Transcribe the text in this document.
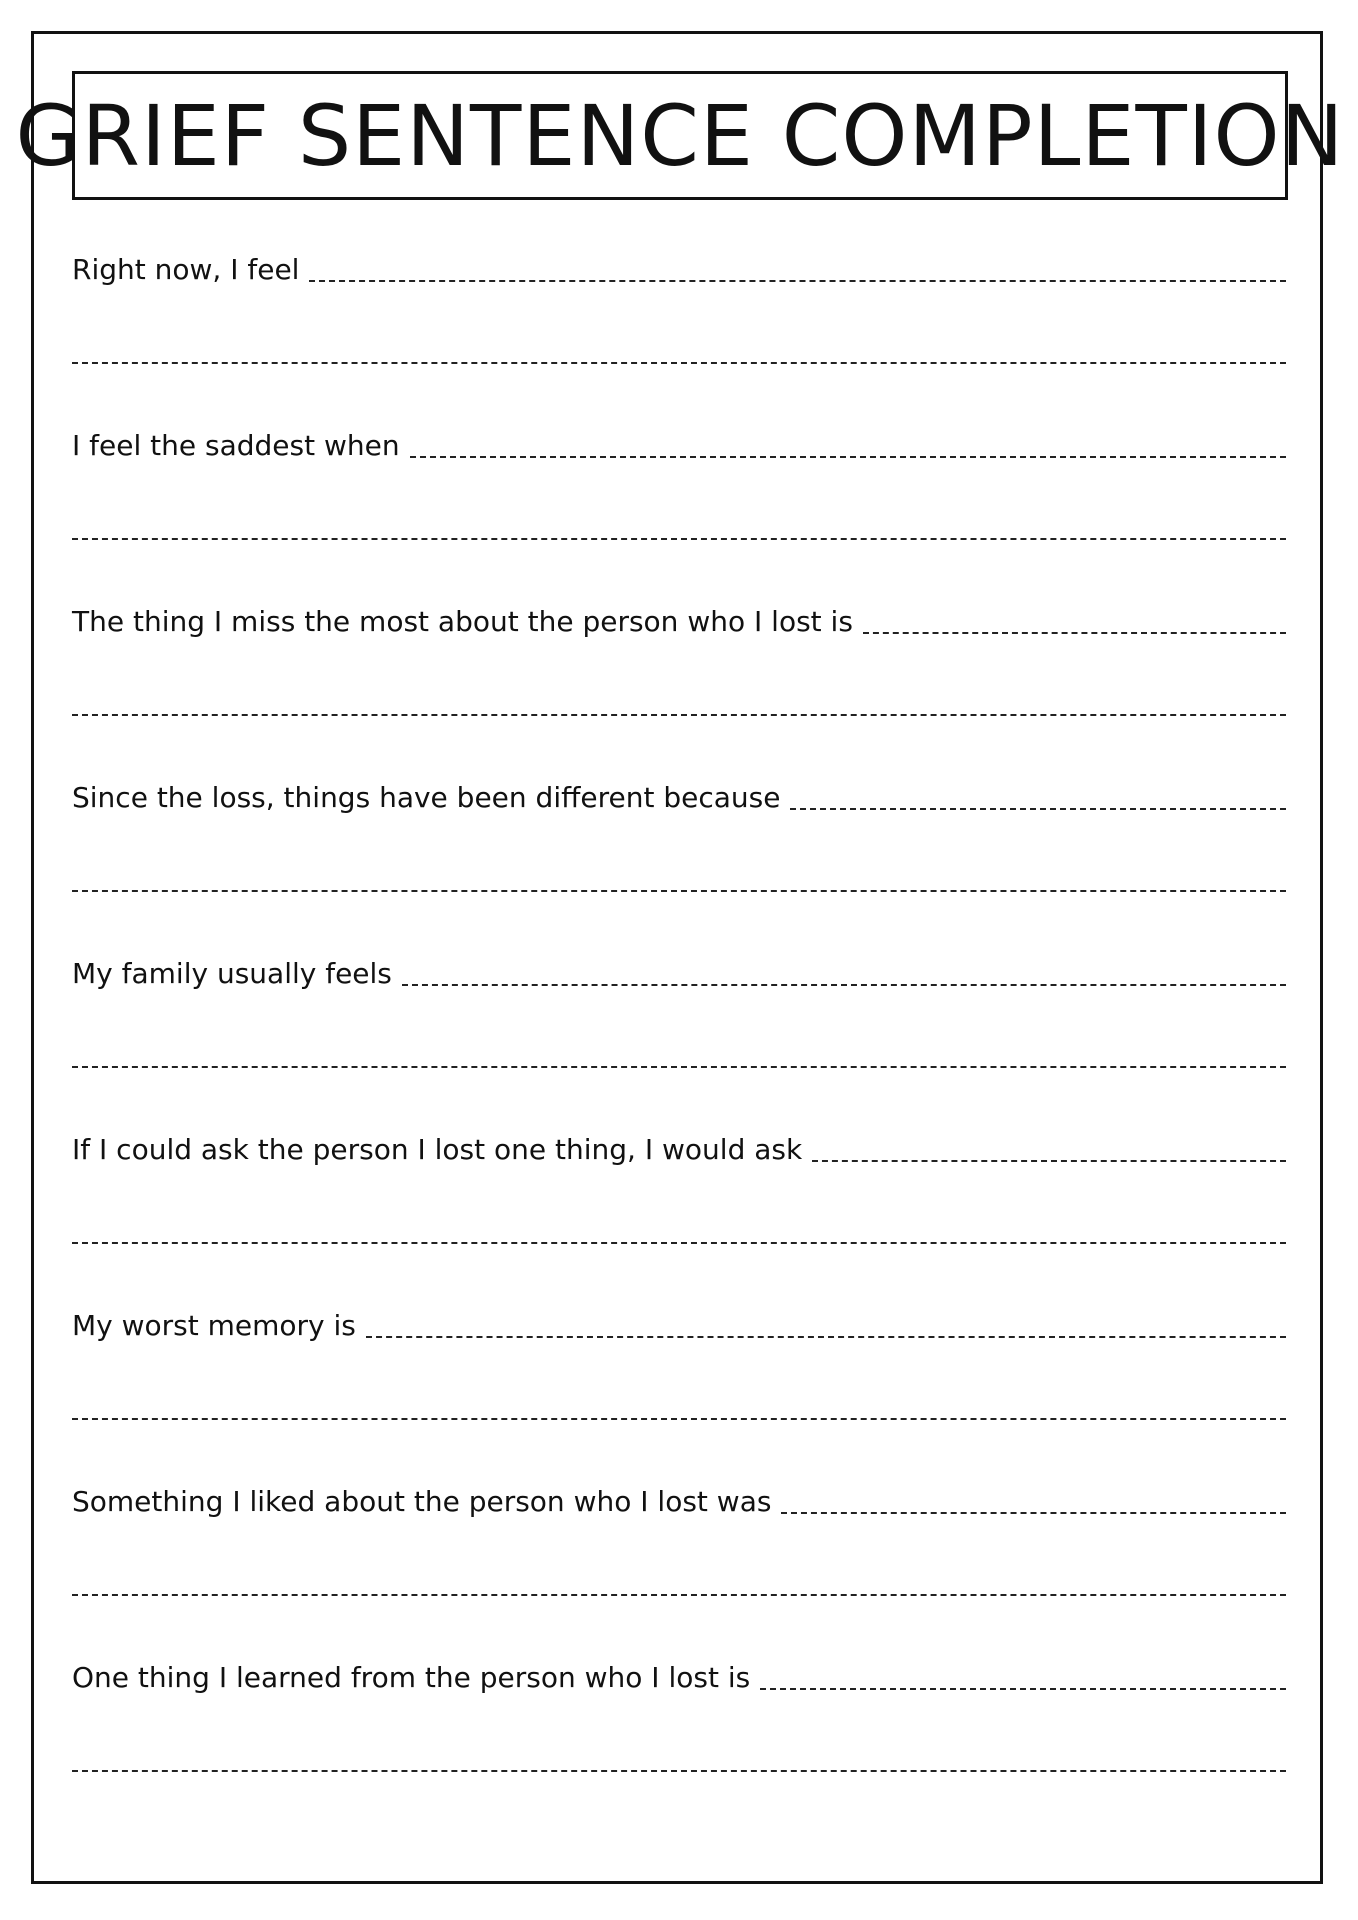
GRIEF SENTENCE COMPLETION
Right now, I feel
I feel the saddest when
The thing I miss the most about the person who I lost is
Since the loss, things have been different because
My family usually feels
If I could ask the person I lost one thing, I would ask
My worst memory is
Something I liked about the person who I lost was
One thing I learned from the person who I lost is
